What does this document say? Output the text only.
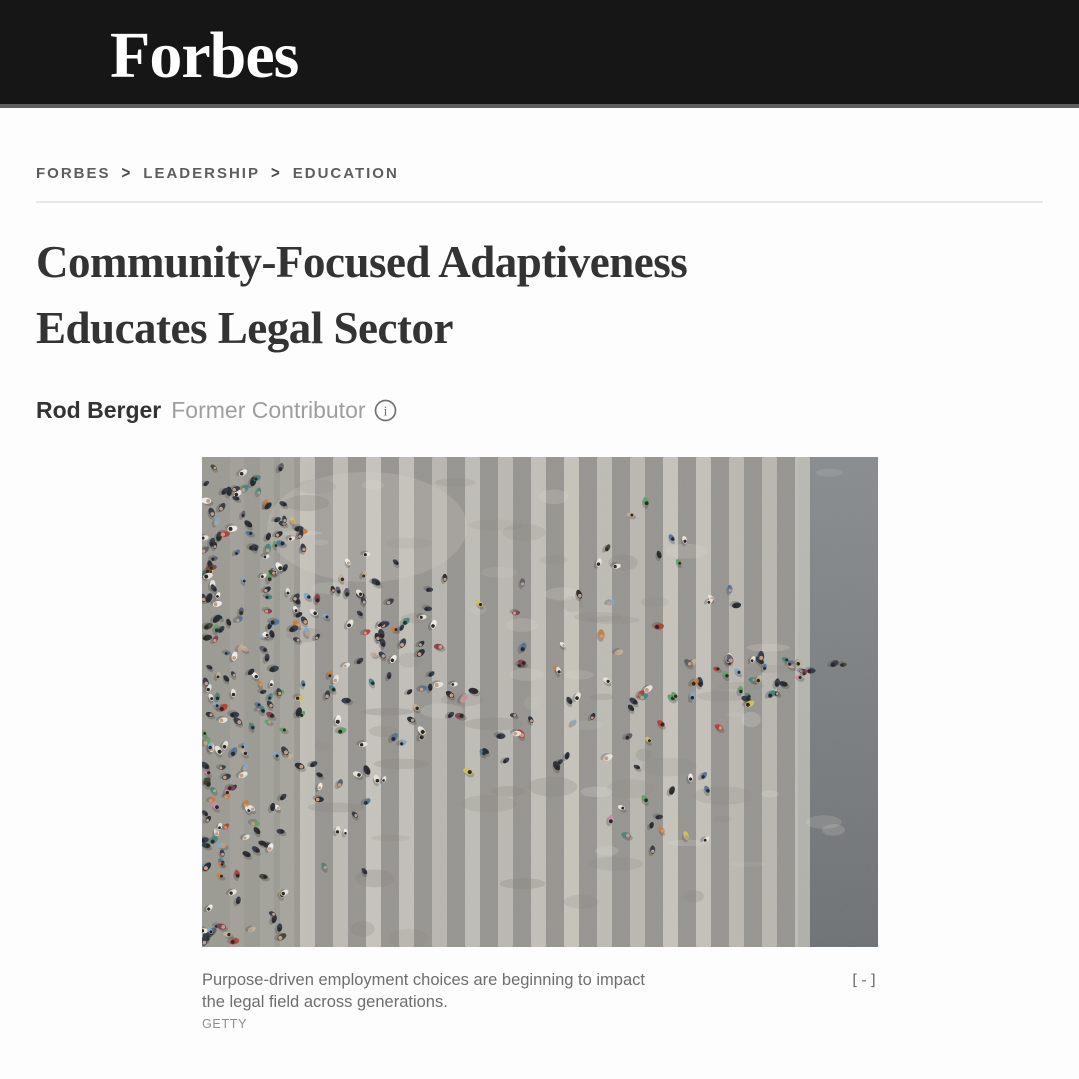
Forbes
FORBES > LEADERSHIP > EDUCATION
Community-Focused Adaptiveness
Educates Legal Sector
Rod Berger Former Contributor i
Purpose-driven employment choices are beginning to impact the legal field across generations.
GETTY
[-]
